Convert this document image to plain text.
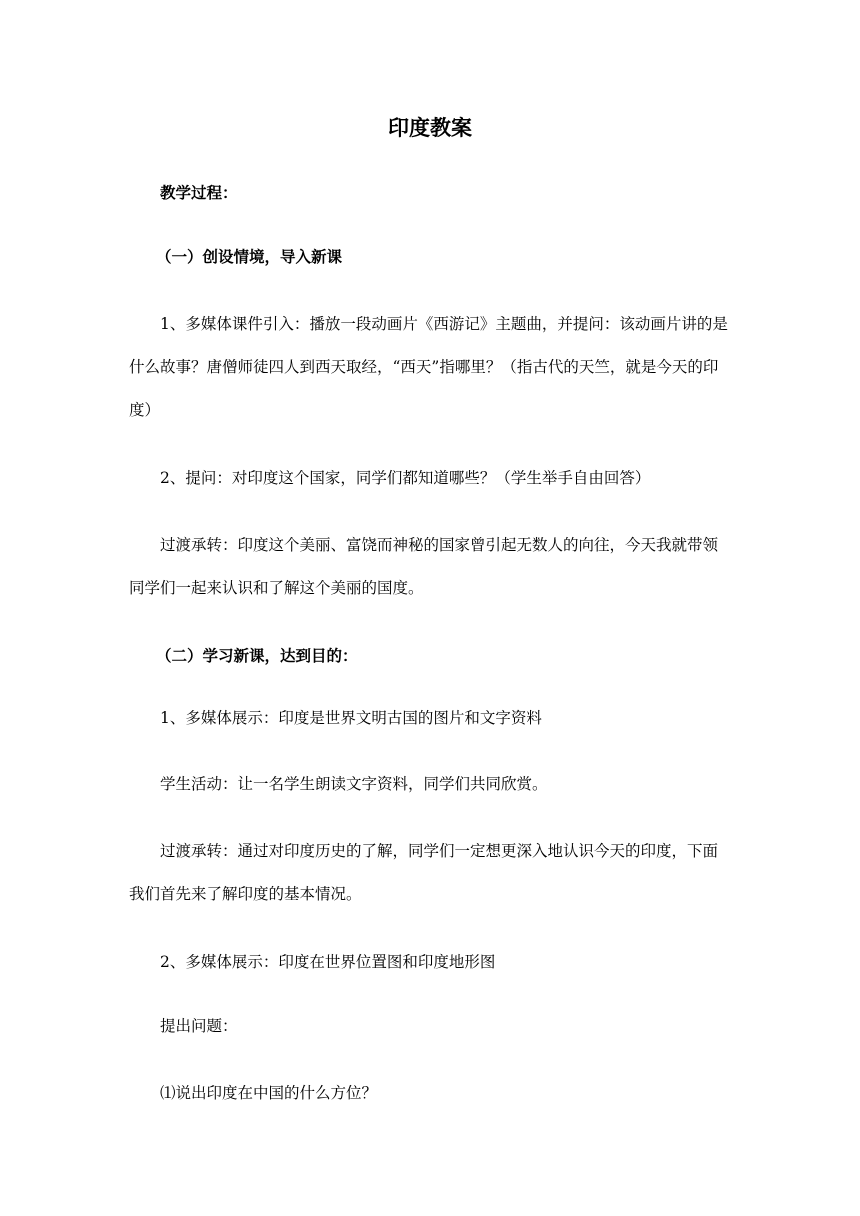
印度教案

教学过程：

（一）创设情境，导入新课

1、多媒体课件引入：播放一段动画片《西游记》主题曲，并提问：该动画片讲的是什么故事？唐僧师徒四人到西天取经，“西天”指哪里？（指古代的天竺，就是今天的印度）

2、提问：对印度这个国家，同学们都知道哪些？（学生举手自由回答）

过渡承转：印度这个美丽、富饶而神秘的国家曾引起无数人的向往，今天我就带领同学们一起来认识和了解这个美丽的国度。

（二）学习新课，达到目的：

1、多媒体展示：印度是世界文明古国的图片和文字资料

学生活动：让一名学生朗读文字资料，同学们共同欣赏。

过渡承转：通过对印度历史的了解，同学们一定想更深入地认识今天的印度，下面我们首先来了解印度的基本情况。

2、多媒体展示：印度在世界位置图和印度地形图

提出问题：

⑴说出印度在中国的什么方位？
